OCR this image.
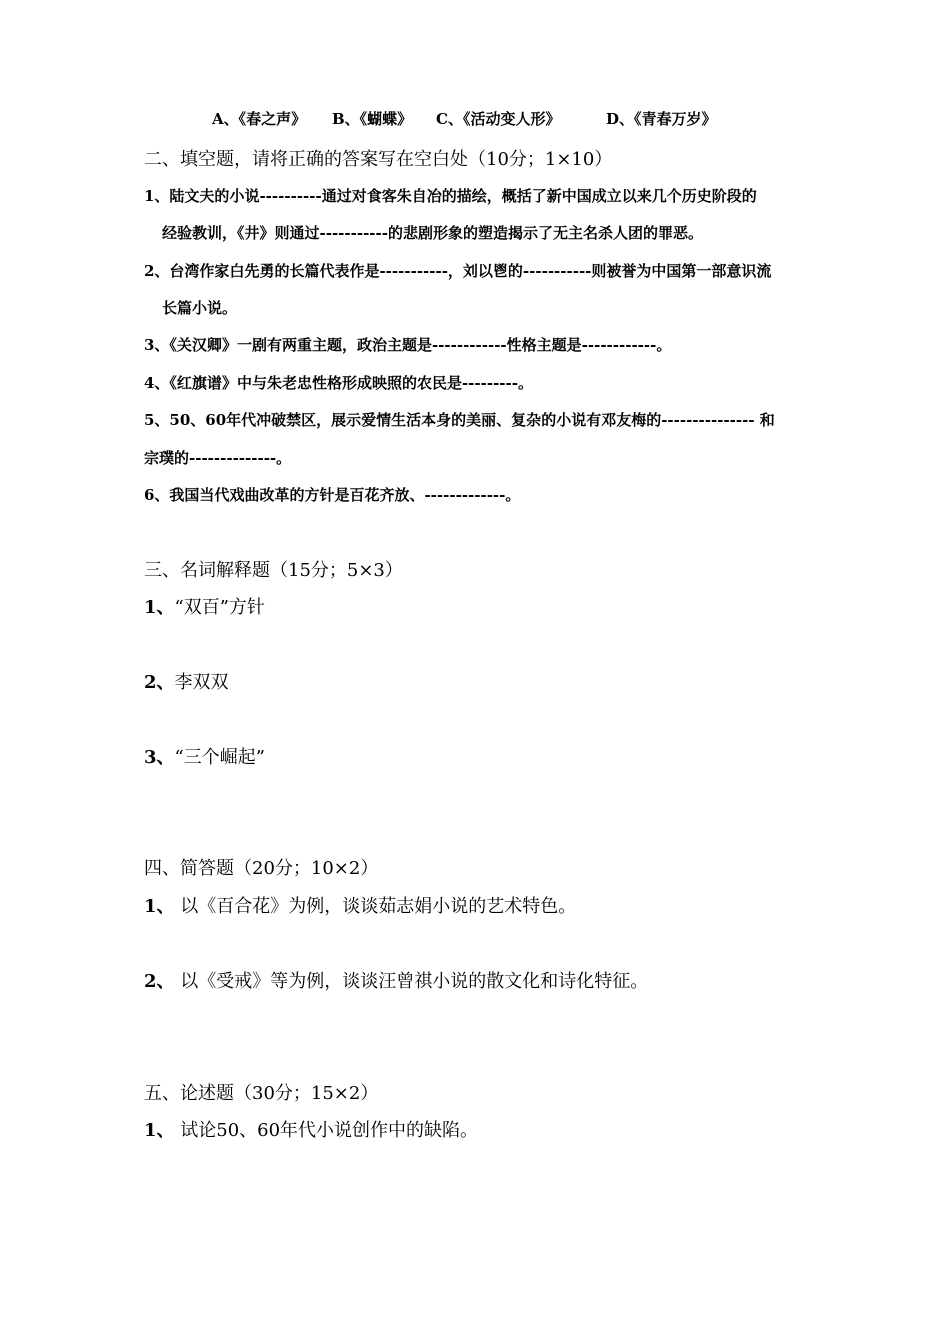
A、《春之声》 B、《蝴蝶》 C、《活动变人形》	D、《青春万岁》
二、填空题，请将正确的答案写在空白处（10分；1×10）
1、陆文夫的小说----------通过对食客朱自冶的描绘，概括了新中国成立以来几个历史阶段的
经验教训，《井》则通过-----------的悲剧形象的塑造揭示了无主名杀人团的罪恶。
2、台湾作家白先勇的长篇代表作是-----------，刘以鬯的-----------则被誉为中国第一部意识流
长篇小说。
3、《关汉卿》一剧有两重主题，政治主题是------------性格主题是------------。
4、《红旗谱》中与朱老忠性格形成映照的农民是---------。
5、50、60年代冲破禁区，展示爱情生活本身的美丽、复杂的小说有邓友梅的--------------- 和
宗璞的--------------。
6、我国当代戏曲改革的方针是百花齐放、-------------。
三、名词解释题（15分；5×3）
1、“双百”方针
2、李双双
3、“三个崛起”
四、简答题（20分；10×2）
1、 以《百合花》为例，谈谈茹志娟小说的艺术特色。
2、 以《受戒》等为例，谈谈汪曾祺小说的散文化和诗化特征。
五、论述题（30分；15×2）
1、 试论50、60年代小说创作中的缺陷。
